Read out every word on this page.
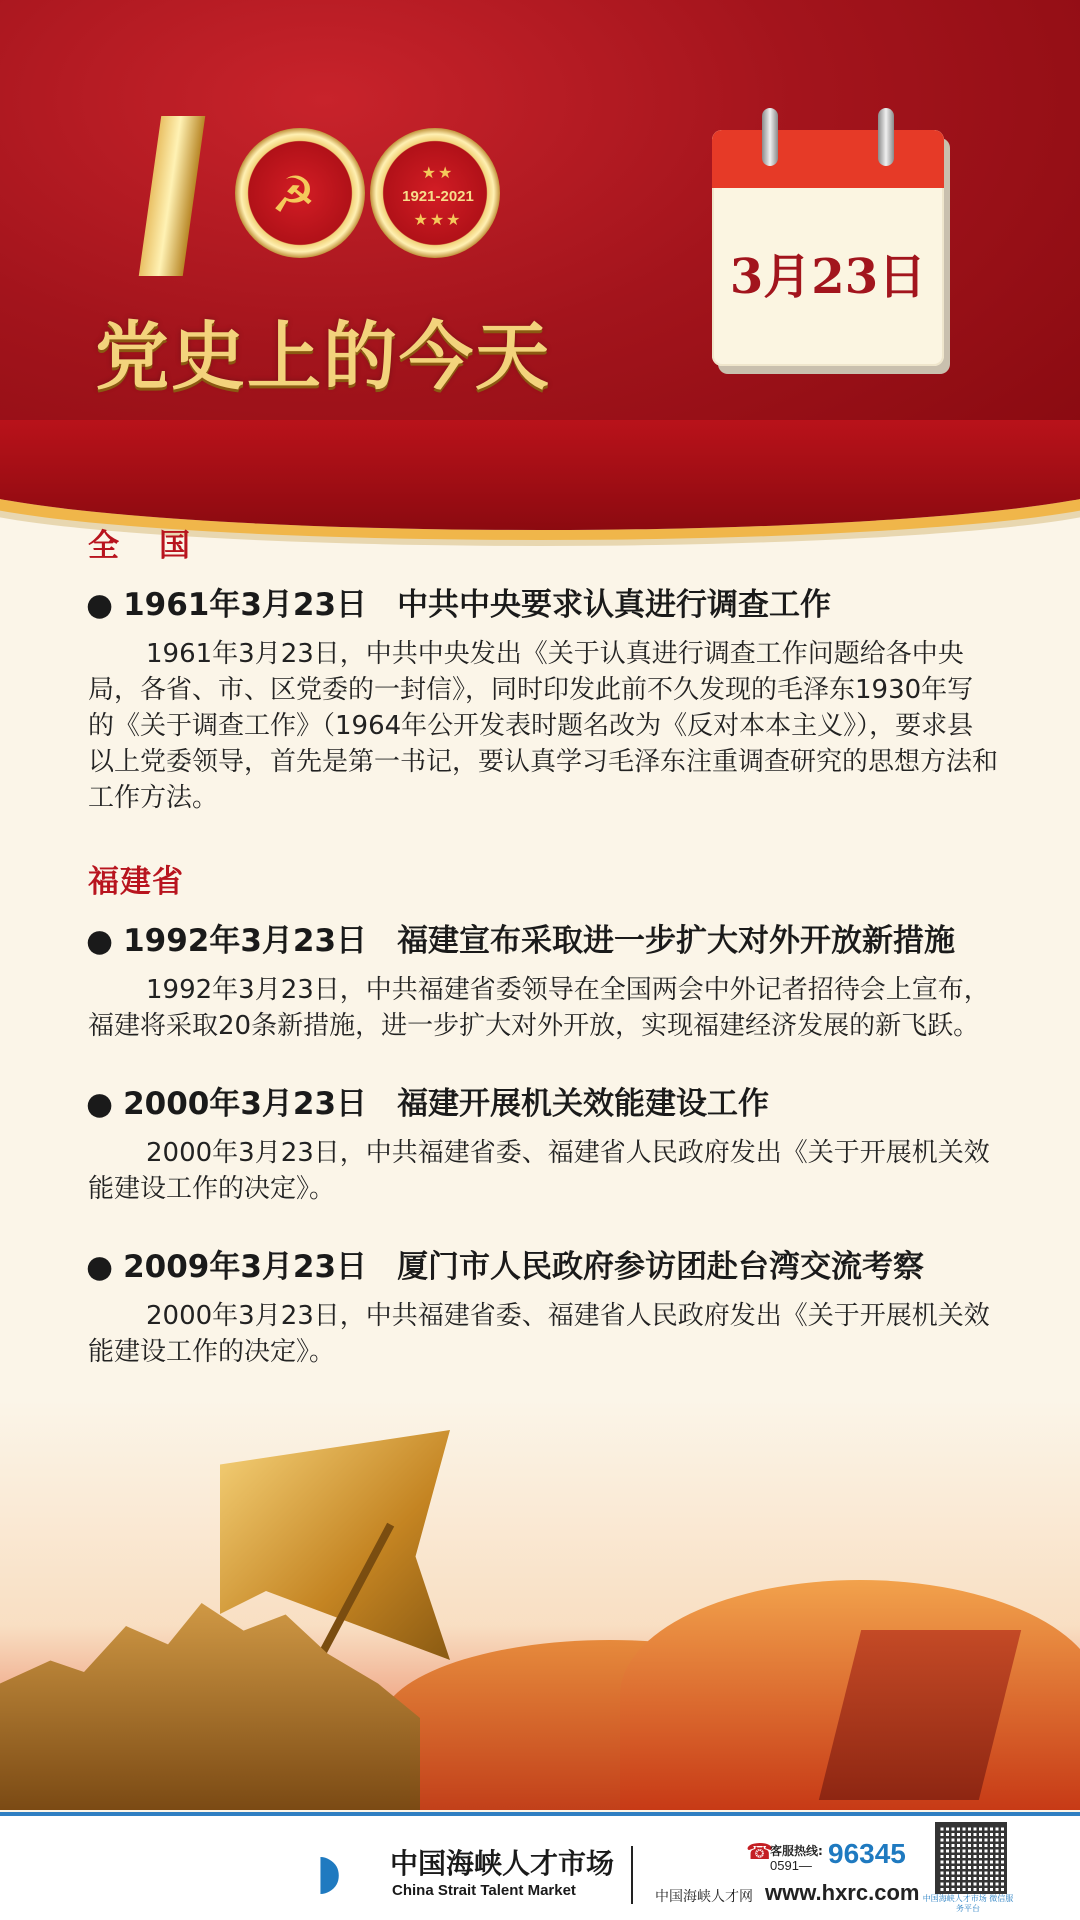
☭	★★
1921-2021
★★★
党史上的今天
3月23日
全国
● 1961年3月23日 中共中央要求认真进行调查工作

1961年3月23日，中共中央发出《关于认真进行调查工作问题给各中央局，各省、市、区党委的一封信》，同时印发此前不久发现的毛泽东1930年写的《关于调查工作》（1964年公开发表时题名改为《反对本本主义》），要求县以上党委领导，首先是第一书记，要认真学习毛泽东注重调查研究的思想方法和工作方法。

福建省
● 1992年3月23日 福建宣布采取进一步扩大对外开放新措施

1992年3月23日，中共福建省委领导在全国两会中外记者招待会上宣布，福建将采取20条新措施，进一步扩大对外开放，实现福建经济发展的新飞跃。

● 2000年3月23日 福建开展机关效能建设工作

2000年3月23日，中共福建省委、福建省人民政府发出《关于开展机关效能建设工作的决定》。

● 2009年3月23日 厦门市人民政府参访团赴台湾交流考察

2000年3月23日，中共福建省委、福建省人民政府发出《关于开展机关效能建设工作的决定》。

◗ 中国海峡人才市场
China Strait Talent Market
☎
客服热线:
0591— 96345
中国海峡人才网 www.hxrc.com 中国海峡人才市场 微信服务平台
